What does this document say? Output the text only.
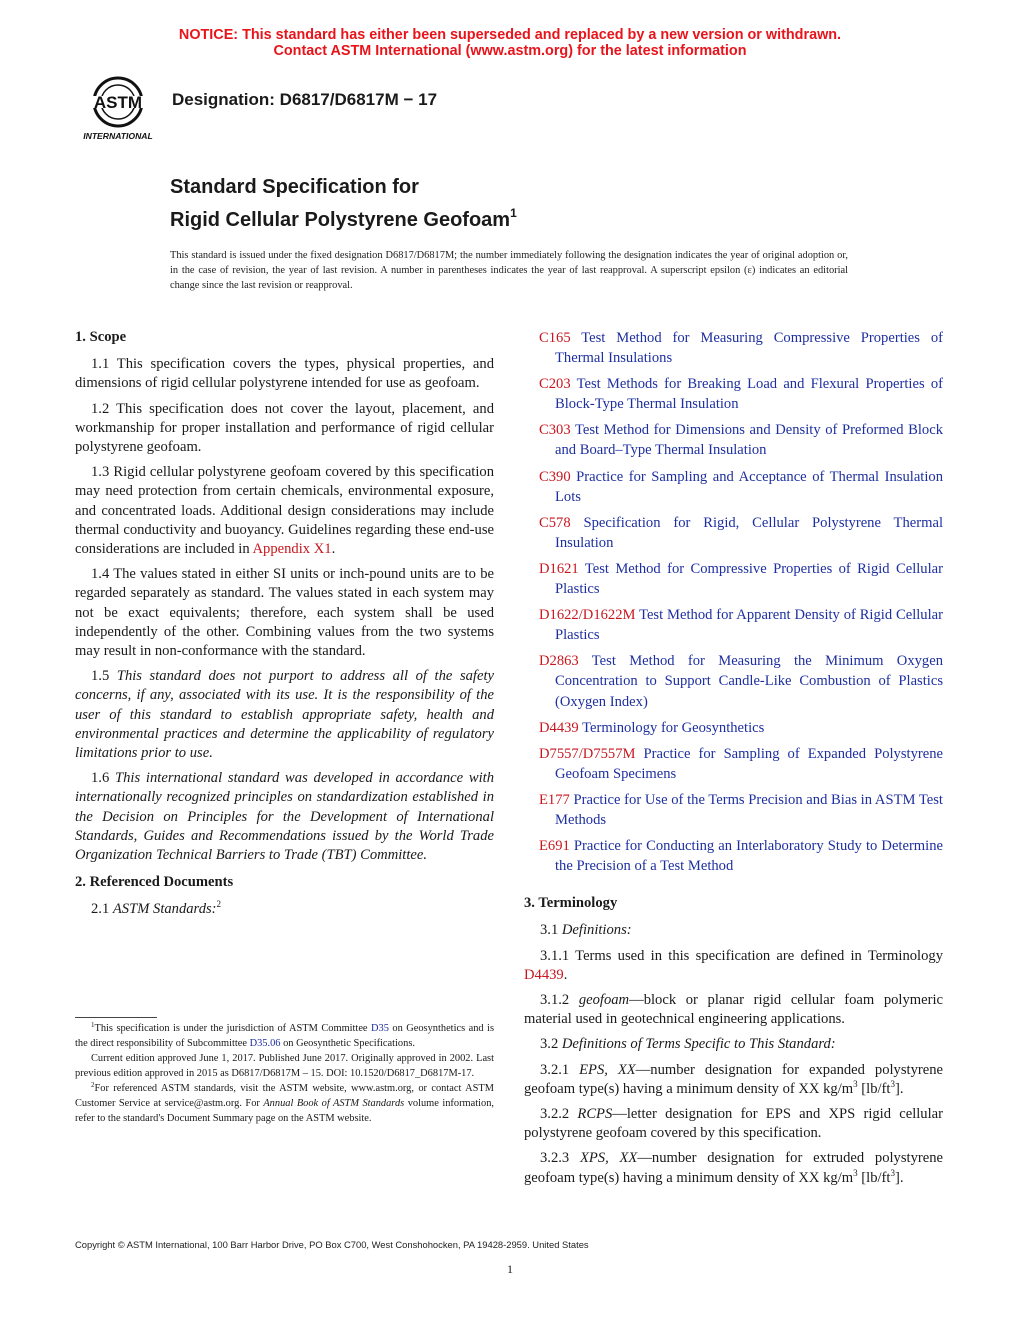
NOTICE: This standard has either been superseded and replaced by a new version or withdrawn.
Contact ASTM International (www.astm.org) for the latest information
ASTM
INTERNATIONAL
Designation: D6817/D6817M − 17
Standard Specification for
Rigid Cellular Polystyrene Geofoam$^1$
This standard is issued under the fixed designation D6817/D6817M; the number immediately following the designation indicates the year of original adoption or, in the case of revision, the year of last revision. A number in parentheses indicates the year of last reapproval. A superscript epsilon (ε) indicates an editorial change since the last revision or reapproval.

1. Scope

1.1 This specification covers the types, physical properties, and dimensions of rigid cellular polystyrene intended for use as geofoam.

1.2 This specification does not cover the layout, placement, and workmanship for proper installation and performance of rigid cellular polystyrene geofoam.

1.3 Rigid cellular polystyrene geofoam covered by this specification may need protection from certain chemicals, environmental exposure, and concentrated loads. Additional design considerations may include thermal conductivity and buoyancy. Guidelines regarding these end-use considerations are included in Appendix X1.

1.4 The values stated in either SI units or inch-pound units are to be regarded separately as standard. The values stated in each system may not be exact equivalents; therefore, each system shall be used independently of the other. Combining values from the two systems may result in non-conformance with the standard.

1.5 This standard does not purport to address all of the safety concerns, if any, associated with its use. It is the responsibility of the user of this standard to establish appropriate safety, health and environmental practices and determine the applicability of regulatory limitations prior to use.

1.6 This international standard was developed in accordance with internationally recognized principles on standardization established in the Decision on Principles for the Development of International Standards, Guides and Recommendations issued by the World Trade Organization Technical Barriers to Trade (TBT) Committee.

2. Referenced Documents

2.1 ASTM Standards:$^2$

C165 Test Method for Measuring Compressive Properties of Thermal Insulations

C203 Test Methods for Breaking Load and Flexural Properties of Block-Type Thermal Insulation

C303 Test Method for Dimensions and Density of Preformed Block and Board–Type Thermal Insulation

C390 Practice for Sampling and Acceptance of Thermal Insulation Lots

C578 Specification for Rigid, Cellular Polystyrene Thermal Insulation

D1621 Test Method for Compressive Properties of Rigid Cellular Plastics

D1622/D1622M Test Method for Apparent Density of Rigid Cellular Plastics

D2863 Test Method for Measuring the Minimum Oxygen Concentration to Support Candle-Like Combustion of Plastics (Oxygen Index)

D4439 Terminology for Geosynthetics

D7557/D7557M Practice for Sampling of Expanded Polystyrene Geofoam Specimens

E177 Practice for Use of the Terms Precision and Bias in ASTM Test Methods

E691 Practice for Conducting an Interlaboratory Study to Determine the Precision of a Test Method

3. Terminology

3.1 Definitions:

3.1.1 Terms used in this specification are defined in Terminology D4439.

3.1.2 geofoam—block or planar rigid cellular foam polymeric material used in geotechnical engineering applications.

3.2 Definitions of Terms Specific to This Standard:

3.2.1 EPS, XX—number designation for expanded polystyrene geofoam type(s) having a minimum density of XX $kg/m^3$ $[lb/ft^3]$.

3.2.2 RCPS—letter designation for EPS and XPS rigid cellular polystyrene geofoam covered by this specification.

3.2.3 XPS, XX—number designation for extruded polystyrene geofoam type(s) having a minimum density of XX $kg/m^3$ $[lb/ft^3]$.

$^1$This specification is under the jurisdiction of ASTM Committee D35 on Geosynthetics and is the direct responsibility of Subcommittee D35.06 on Geosynthetic Specifications.

Current edition approved June 1, 2017. Published June 2017. Originally approved in 2002. Last previous edition approved in 2015 as D6817/D6817M – 15. DOI: 10.1520/D6817_D6817M-17.

$^2$For referenced ASTM standards, visit the ASTM website, www.astm.org, or contact ASTM Customer Service at service@astm.org. For Annual Book of ASTM Standards volume information, refer to the standard's Document Summary page on the ASTM website.

Copyright © ASTM International, 100 Barr Harbor Drive, PO Box C700, West Conshohocken, PA 19428-2959. United States
1
